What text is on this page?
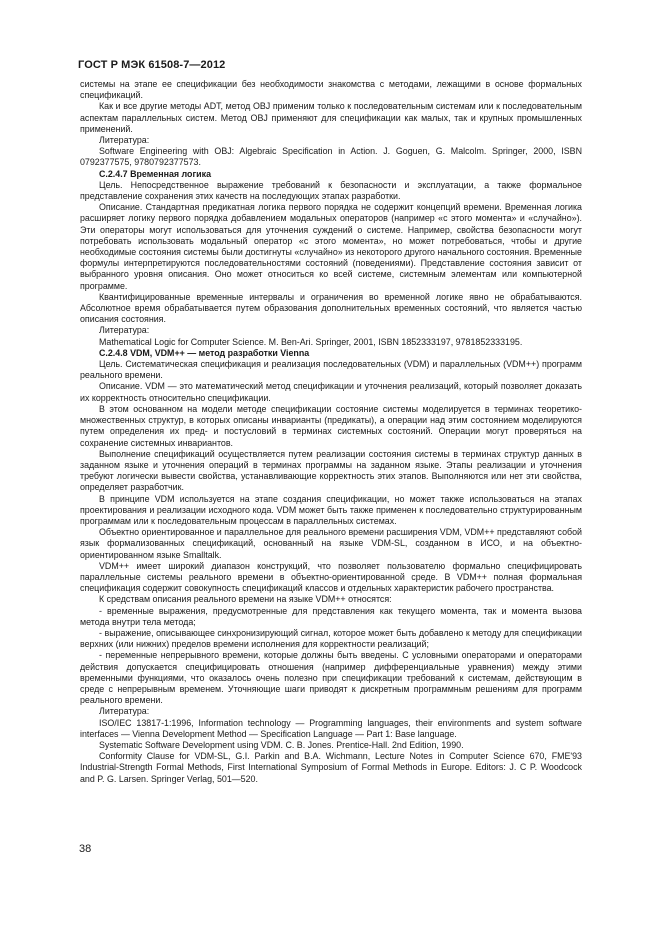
ГОСТ Р МЭК 61508-7—2012

системы на этапе ее спецификации без необходимости знакомства с методами, лежащими в основе формальных спецификаций.

Как и все другие методы ADT, метод OBJ применим только к последовательным системам или к последовательным аспектам параллельных систем. Метод OBJ применяют для спецификации как малых, так и крупных промышленных применений.

Литература:

Software Engineering with OBJ: Algebraic Specification in Action. J. Goguen, G. Malcolm. Springer, 2000, ISBN 0792377575, 9780792377573.

С.2.4.7 Временная логика

Цель. Непосредственное выражение требований к безопасности и эксплуатации, а также формальное представление сохранения этих качеств на последующих этапах разработки.

Описание. Стандартная предикатная логика первого порядка не содержит концепций времени. Временная логика расширяет логику первого порядка добавлением модальных операторов (например «с этого момента» и «случайно»). Эти операторы могут использоваться для уточнения суждений о системе. Например, свойства безопасности могут потребовать использовать модальный оператор «с этого момента», но может потребоваться, чтобы и другие необходимые состояния системы были достигнуты «случайно» из некоторого другого начального состояния. Временные формулы интерпретируются последовательностями состояний (поведениями). Представление состояния зависит от выбранного уровня описания. Оно может относиться ко всей системе, системным элементам или компьютерной программе.

Квантифицированные временные интервалы и ограничения во временной логике явно не обрабатываются. Абсолютное время обрабатывается путем образования дополнительных временных состояний, что является частью описания состояния.

Литература:

Mathematical Logic for Computer Science. M. Ben-Ari. Springer, 2001, ISBN 1852333197, 9781852333195.

С.2.4.8 VDM, VDM++ — метод разработки Vienna

Цель. Систематическая спецификация и реализация последовательных (VDM) и параллельных (VDM++) программ реального времени.

Описание. VDM — это математический метод спецификации и уточнения реализаций, который позволяет доказать их корректность относительно спецификации.

В этом основанном на модели методе спецификации состояние системы моделируется в терминах теоретико-множественных структур, в которых описаны инварианты (предикаты), а операции над этим состоянием моделируются путем определения их пред- и постусловий в терминах системных состояний. Операции могут проверяться на сохранение системных инвариантов.

Выполнение спецификаций осуществляется путем реализации состояния системы в терминах структур данных в заданном языке и уточнения операций в терминах программы на заданном языке. Этапы реализации и уточнения требуют логически вывести свойства, устанавливающие корректность этих этапов. Выполняются или нет эти свойства, определяет разработчик.

В принципе VDM используется на этапе создания спецификации, но может также использоваться на этапах проектирования и реализации исходного кода. VDM может быть также применен к последовательно структурированным программам или к последовательным процессам в параллельных системах.

Объектно ориентированное и параллельное для реального времени расширения VDM, VDM++ представляют собой язык формализованных спецификаций, основанный на языке VDM-SL, созданном в ИСО, и на объектно-ориентированном языке Smalltalk.

VDM++ имеет широкий диапазон конструкций, что позволяет пользователю формально специфицировать параллельные системы реального времени в объектно-ориентированной среде. В VDM++ полная формальная спецификация содержит совокупность спецификаций классов и отдельных характеристик рабочего пространства.

К средствам описания реального времени на языке VDM++ относятся:

- временные выражения, предусмотренные для представления как текущего момента, так и момента вызова метода внутри тела метода;

- выражение, описывающее синхронизирующий сигнал, которое может быть добавлено к методу для спецификации верхних (или нижних) пределов времени исполнения для корректности реализаций;

- переменные непрерывного времени, которые должны быть введены. С условными операторами и операторами действия допускается специфицировать отношения (например дифференциальные уравнения) между этими временными функциями, что оказалось очень полезно при спецификации требований к системам, действующим в среде с непрерывным временем. Уточняющие шаги приводят к дискретным программным решениям для программ реального времени.

Литература:

ISO/IEC 13817-1:1996, Information technology — Programming languages, their environments and system software interfaces — Vienna Development Method — Specification Language — Part 1: Base language.

Systematic Software Development using VDM. C. B. Jones. Prentice-Hall. 2nd Edition, 1990.

Conformity Clause for VDM-SL, G.I. Parkin and B.A. Wichmann, Lecture Notes in Computer Science 670, FME'93 Industrial-Strength Formal Methods, First International Symposium of Formal Methods in Europe. Editors: J. C P. Woodcock and P. G. Larsen. Springer Verlag, 501—520.

38
